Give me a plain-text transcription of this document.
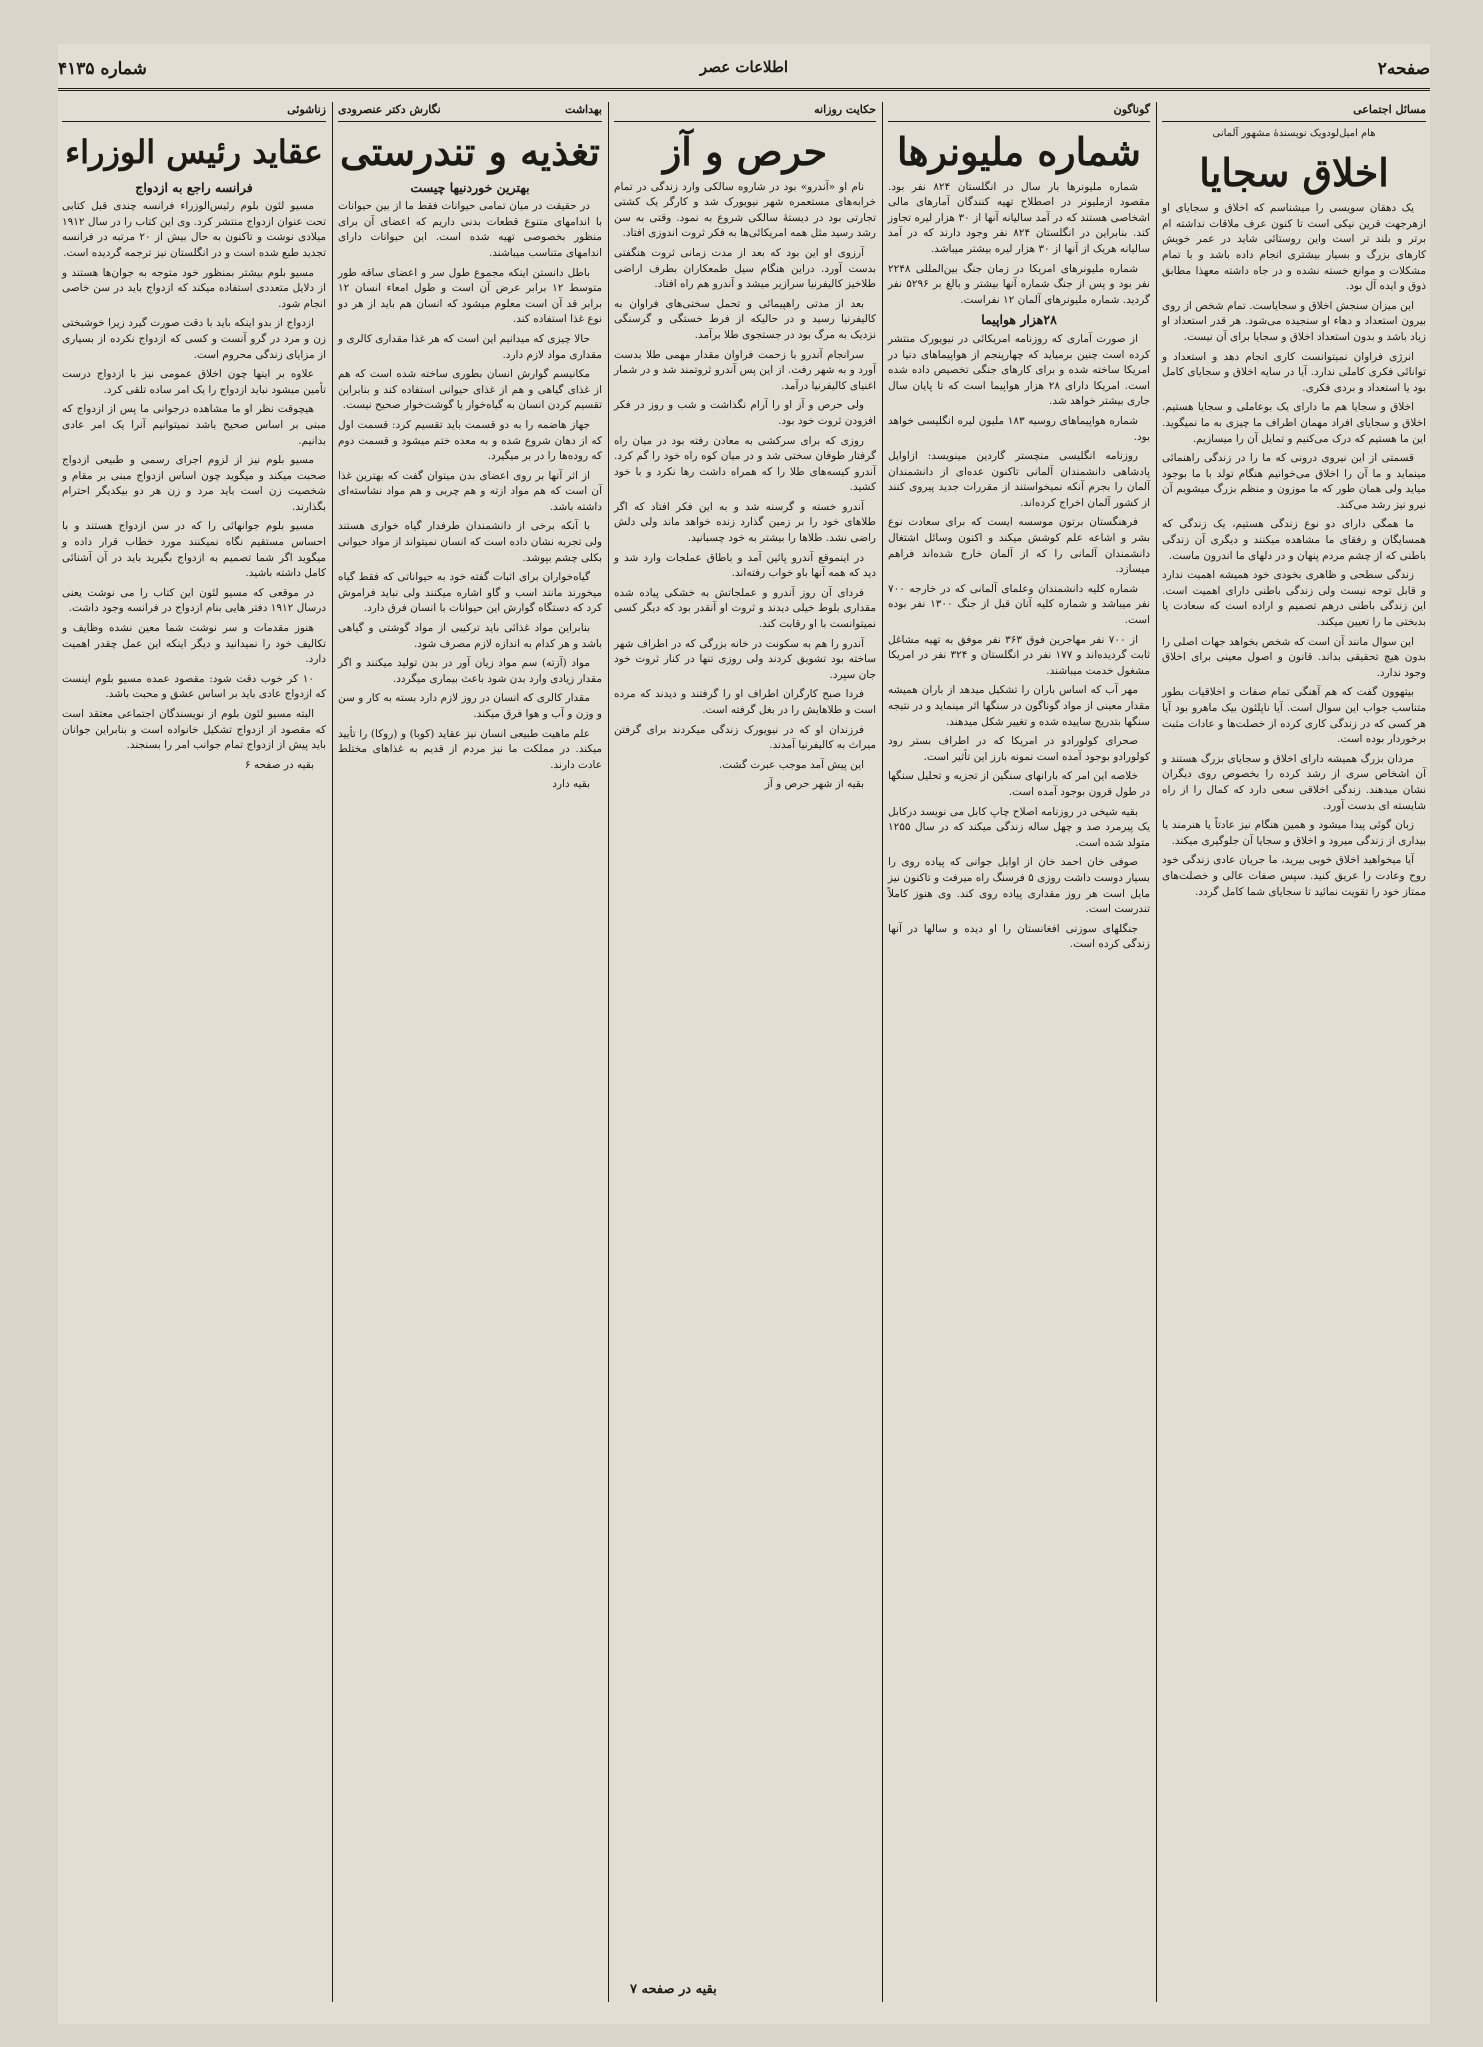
صفحه۲
اطلاعات عصر
شماره ۴۱۳۵
مسائل اجتماعی
هام امیل‌لودویک نویسندهٔ مشهور آلمانی
اخلاق سجایا

یک دهقان سویسی را میشناسم که اخلاق و سجایای او ازهرجهت قرین نیکی‌ است تا کنون عرف ملاقات نداشته ام برتر و بلند تر است واین روستائی شاید در عمر خویش کارهای بزرگ و بسیار بیشتری انجام داده باشد و با تمام مشکلات و موانع خسته نشده و در جاه داشته معهذا مطابق ذوق و ایده آل بود.

این میزان سنجش اخلاق و سجایاست. تمام شخص از روی بیرون استعداد و دهاء او سنجیده می‌شود. هر قدر استعداد او زیاد باشد و بدون استعداد اخلاق و سجایا برای آن نیست.

انرژی فراوان نمیتوانست کاری انجام دهد و استعداد و توانائی فکری کاملی ندارد. آیا در سایه اخلاق و سجایای کامل بود یا استعداد و بردی فکری.

اخلاق و سجایا هم ما دارای یک بوعاملی و سجایا هستیم. اخلاق و سجایای افراد مهمان اطراف ما چیزی به ما نمیگوید. این ما هستیم که درک می‌کنیم و تمایل آن را میسازیم.

قسمتی از این نیروی درونی که ما را در زندگی راهنمائی مینماید و ما آن را اخلاق می‌خوانیم هنگام تولد با ما بوجود میاید ولی همان طور که ما موزون و منظم بزرگ میشویم آن نیرو نیز رشد می‌کند.

ما همگی دارای دو نوع زندگی هستیم، یک زندگی که همسایگان و رفقای ما مشاهده میکنند و دیگری آن زندگی باطنی که از چشم مردم پنهان و در دلهای ما اندرون ماست.

زندگی سطحی و ظاهری بخودی خود همیشه اهمیت ندارد و قابل توجه نیست ولی زندگی باطنی دارای اهمیت است. این زندگی باطنی درهم تصمیم و اراده است که سعادت یا بدبختی ما را تعیین میکند.

این سوال مانند آن است که شخص بخواهد جهات اصلی را بدون هیچ تحقیقی بداند. قانون و اصول معینی برای اخلاق وجود ندارد.

بیتهوون گفت که هم آهنگی تمام صفات و اخلاقیات بطور متناسب جواب این سوال است. آیا ناپلئون بیک ماهرو بود آیا هر کسی که در زندگی کاری کرده از خصلت‌ها و عادات مثبت برخوردار بوده است.

مردان بزرگ همیشه دارای اخلاق و سجایای بزرگ هستند و آن اشخاص سری از رشد کرده را بخصوص روی دیگران نشان میدهند. زندگی اخلاقی سعی دارد که کمال را از راه شایسته ای بدست آورد.

زبان گوئی پیدا میشود و همین هنگام نیز عادتاً یا هنرمند یا بیداری از زندگی میرود و اخلاق و سجایا آن جلوگیری میکند.

آیا میخواهید اخلاق خوبی بیرید، ما جریان عادی زندگی خود روح وعادت را عریق کنید. سپس صفات عالی و خصلت‌های ممتاز خود را تقویت نمائید تا سجایای شما کامل گردد.

گوناگون
شماره ملیونرها

شماره ملیونرها بار سال در انگلستان ۸۲۴ نفر بود. مقصود ازملیونر در اصطلاح تهیه کنندگان آمارهای مالی اشخاصی هستند که در آمد سالیانه آنها از ۳۰ هزار لیره تجاوز کند. بنابراین در انگلستان ۸۲۴ نفر وجود دارند که در آمد سالیانه هریک از آنها از ۳۰ هزار لیره بیشتر میباشد.

شماره ملیونرهای امریکا در زمان جنگ بین‌المللی ۲۲۴۸ نفر بود و پس از جنگ شماره آنها بیشتر و بالغ بر ۵۲۹۶ نفر گردید. شماره ملیونرهای آلمان ۱۲ نفراست.

۲۸هزار هواپیما

از صورت آماری که روزنامه امریکائی در نیویورک منتشر کرده است چنین برمیاید که چهارپنجم از هواپیماهای دنیا در امریکا ساخته شده و برای کارهای جنگی تخصیص داده شده است. امریکا دارای ۲۸ هزار هواپیما است که تا پایان سال جاری بیشتر خواهد شد.

شماره هواپیماهای روسیه ۱۸۳ ملیون لیره انگلیسی خواهد بود.

روزنامه انگلیسی منچستر گاردین مینویسد: ازاوایل پادشاهی دانشمندان آلمانی تاکنون عده‌ای از دانشمندان آلمان را بجرم آنکه نمیخواستند از مقررات جدید پیروی کنند از کشور آلمان اخراج کرده‌اند.

فرهنگستان برتون موسسه ایست که برای سعادت نوع بشر و اشاعه علم کوشش میکند و اکنون وسائل اشتغال دانشمندان آلمانی را که از آلمان خارج شده‌اند فراهم میسازد.

شماره کلیه دانشمندان وعلمای آلمانی که در خارجه ۷۰۰ نفر میباشد و شماره کلیه آنان قبل از جنگ ۱۳۰۰ نفر بوده است.

از ۷۰۰ نفر مهاجرین فوق ۳۶۳ نفر موفق به تهیه مشاغل ثابت گردیده‌اند و ۱۷۷ نفر در انگلستان و ۳۲۴ نفر در امریکا مشغول خدمت میباشند.

مهر آب که اساس باران را تشکیل میدهد از باران همیشه مقدار معینی از مواد گوناگون در سنگها اثر مینماید و در نتیجه سنگها بتدریج ساییده شده و تغییر شکل میدهند.

صحرای کولورادو در امریکا که در اطراف بستر رود کولورادو بوجود آمده است نمونه بارز این تأثیر است.

خلاصه این امر که بارانهای سنگین از تجزیه و تحلیل سنگها در طول قرون بوجود آمده است.

بقیه شیخی در روزنامه اصلاح چاپ کابل می نویسد درکابل یک پیرمرد صد و چهل ساله زندگی میکند که در سال ۱۲۵۵ متولد شده است.

صوفی خان احمد خان از اوایل جوانی که پیاده روی را بسیار دوست داشت روزی ۵ فرسنگ راه میرفت و تاکنون نیز مایل است هر روز مقداری پیاده روی کند. وی هنوز کاملاً تندرست است.

جنگلهای سوزنی افغانستان را او دیده و سالها در آنها زندگی کرده است.

حکایت روزانه
حرص و آز

نام او «آندرو» بود در شاروه سالکی وارد زندگی در تمام خرابه‌های مستعمره شهر نیویورک شد و کارگر یک کشتی تجارتی بود در دیستهٔ سالکی شروع به نمود. وقتی به سن رشد رسید مثل همه امریکائی‌ها به فکر ثروت اندوزی افتاد.

آرزوی او این بود که بعد از مدت زمانی ثروت هنگفتی بدست آورد. دراین هنگام سیل طمعکاران بطرف اراضی طلاخیز کالیفرنیا سرازیر میشد و آندرو هم راه افتاد.

بعد از مدتی راهپیمائی و تحمل سختی‌های فراوان به کالیفرنیا رسید و در حالیکه از فرط خستگی و گرسنگی نزدیک به مرگ بود در جستجوی طلا برآمد.

سرانجام آندرو با زحمت فراوان مقدار مهمی طلا بدست آورد و به شهر رفت. از این پس آندرو ثروتمند شد و در شمار اغنیای کالیفرنیا درآمد.

ولی حرص و آز او را آرام نگذاشت و شب و روز در فکر افزودن ثروت خود بود.

روزی که برای سرکشی به معادن رفته بود در میان راه گرفتار طوفان سختی شد و در میان کوه راه خود را گم کرد. آندرو کیسه‌های طلا را که همراه داشت رها نکرد و با خود کشید.

آندرو خسته و گرسنه شد و به این فکر افتاد که اگر طلاهای خود را بر زمین گذارد زنده خواهد ماند ولی دلش راضی نشد. طلاها را بیشتر به خود چسبانید.

در اینموقع آندرو پائین آمد و باطاق عملجات وارد شد و دید که همه آنها باو خواب رفته‌اند.

فردای آن روز آندرو و عملجاتش به خشکی پیاده شده مقداری بلوط خیلی دیدند و ثروت او آنقدر بود که دیگر کسی نمیتوانست با او رقابت کند.

آندرو را هم به سکونت در خانه بزرگی که در اطراف شهر ساخته بود تشویق کردند ولی روزی تنها در کنار ثروت خود جان سپرد.

فردا صبح کارگران اطراف او را گرفتند و دیدند که مرده است و طلاهایش را در بغل گرفته است.

فرزندان او که در نیویورک زندگی میکردند برای گرفتن میراث به کالیفرنیا آمدند.

این پیش آمد موجب عبرت گشت.

بقیه از شهر حرص و آز

بقیه در صفحه ۷
بهداشت
نگارش دکتر عنصرودی
تغذیه و تندرستی
بهترین خوردنیها چیست

در حقیقت در میان تمامی حیوانات فقط ما از بین حیوانات با اندامهای متنوع قطعات بدنی داریم که اعضای آن برای منظور بخصوصی تهیه شده است. این حیوانات دارای اندامهای متناسب میباشند.

باطل دانستن اینکه مجموع طول سر و اعضای ساقه طور متوسط ۱۲ برابر عرض آن است و طول امعاء انسان ۱۲ برابر قد آن است معلوم میشود که انسان هم باید از هر دو نوع غذا استفاده کند.

حالا چیزی که میدانیم این است که هر غذا مقداری کالری و مقداری مواد لازم دارد.

مکانیسم گوارش انسان بطوری ساخته شده است که هم از غذای گیاهی و هم از غذای حیوانی استفاده کند و بنابراین تقسیم کردن انسان به گیاه‌خوار یا گوشت‌خوار صحیح نیست.

جهاز هاضمه را به دو قسمت باید تقسیم کرد: قسمت اول که از دهان شروع شده و به معده ختم میشود و قسمت دوم که روده‌ها را در بر میگیرد.

از اثر آنها بر روی اعضای بدن میتوان گفت که بهترین غذا آن است که هم مواد ازته و هم چربی و هم مواد نشاسته‌ای داشته باشد.

با آنکه برخی از دانشمندان طرفدار گیاه خواری هستند ولی تجربه نشان داده است که انسان نمیتواند از مواد حیوانی بکلی چشم بپوشد.

گیاه‌خواران برای اثبات گفته خود به حیواناتی که فقط گیاه میخورند مانند اسب و گاو اشاره میکنند ولی نباید فراموش کرد که دستگاه گوارش این حیوانات با انسان فرق دارد.

بنابراین مواد غذائی باید ترکیبی از مواد گوشتی و گیاهی باشد و هر کدام به اندازه لازم مصرف شود.

مواد (آزته) سم مواد زیان آور در بدن تولید میکنند و اگر مقدار زیادی وارد بدن شود باعث بیماری میگردد.

مقدار کالری که انسان در روز لازم دارد بسته به کار و سن و وزن و آب و هوا فرق میکند.

علم ماهیت طبیعی انسان نیز عقاید (کوبا) و (روکا) را تأیید میکند. در مملکت ما نیز مردم از قدیم به غذاهای مختلط عادت دارند.

بقیه دارد

زناشوئی
عقاید رئیس الوزراء
فرانسه راجع به ازدواج

مسیو لئون بلوم رئیس‌الوزراء فرانسه چندی قبل کتابی تحت عنوان ازدواج منتشر کرد. وی این کتاب را در سال ۱۹۱۲ میلادی نوشت و تاکنون به حال بیش از ۲۰ مرتبه در فرانسه تجدید طبع شده است و در انگلستان نیز ترجمه گردیده است.

مسیو بلوم بیشتر بمنظور خود متوجه به جوان‌ها هستند و از دلایل متعددی استفاده میکند که ازدواج باید در سن خاصی انجام شود.

ازدواج از بدو اینکه باید با دقت صورت گیرد زیرا خوشبختی زن و مرد در گرو آنست و کسی که ازدواج نکرده از بسیاری از مزایای زندگی محروم است.

علاوه بر اینها چون اخلاق عمومی نیز با ازدواج درست تأمین میشود نباید ازدواج را یک امر ساده تلقی کرد.

هیچوقت نظر او ما مشاهده درجوانی ما پس از ازدواج که مبنی بر اساس صحیح باشد نمیتوانیم آنرا یک امر عادی بدانیم.

مسیو بلوم نیز از لزوم اجرای رسمی و طبیعی ازدواج صحبت میکند و میگوید چون اساس ازدواج مبنی بر مقام و شخصیت زن است باید مرد و زن هر دو بیکدیگر احترام بگذارند.

مسیو بلوم جوانهائی را که در سن ازدواج هستند و با احساس مستقیم نگاه نمیکنند مورد خطاب قرار داده و میگوید اگر شما تصمیم به ازدواج بگیرید باید در آن آشنائی کامل داشته باشید.

در موقعی که مسیو لئون این کتاب را می نوشت یعنی درسال ۱۹۱۲ دفتر هایی بنام ازدواج در فرانسه وجود داشت.

هنوز مقدمات و سر نوشت شما معین نشده وظایف و تکالیف خود را نمیدانید و دیگر اینکه این عمل چقدر اهمیت دارد.

۱۰ کر خوب دقت شود: مقصود عمده مسیو بلوم اینست که ازدواج عادی باید بر اساس عشق و محبت باشد.

البته مسیو لئون بلوم از نویسندگان اجتماعی معتقد است که مقصود از ازدواج تشکیل خانواده است و بنابراین جوانان باید پیش از ازدواج تمام جوانب امر را بسنجند.

بقیه در صفحه ۶
